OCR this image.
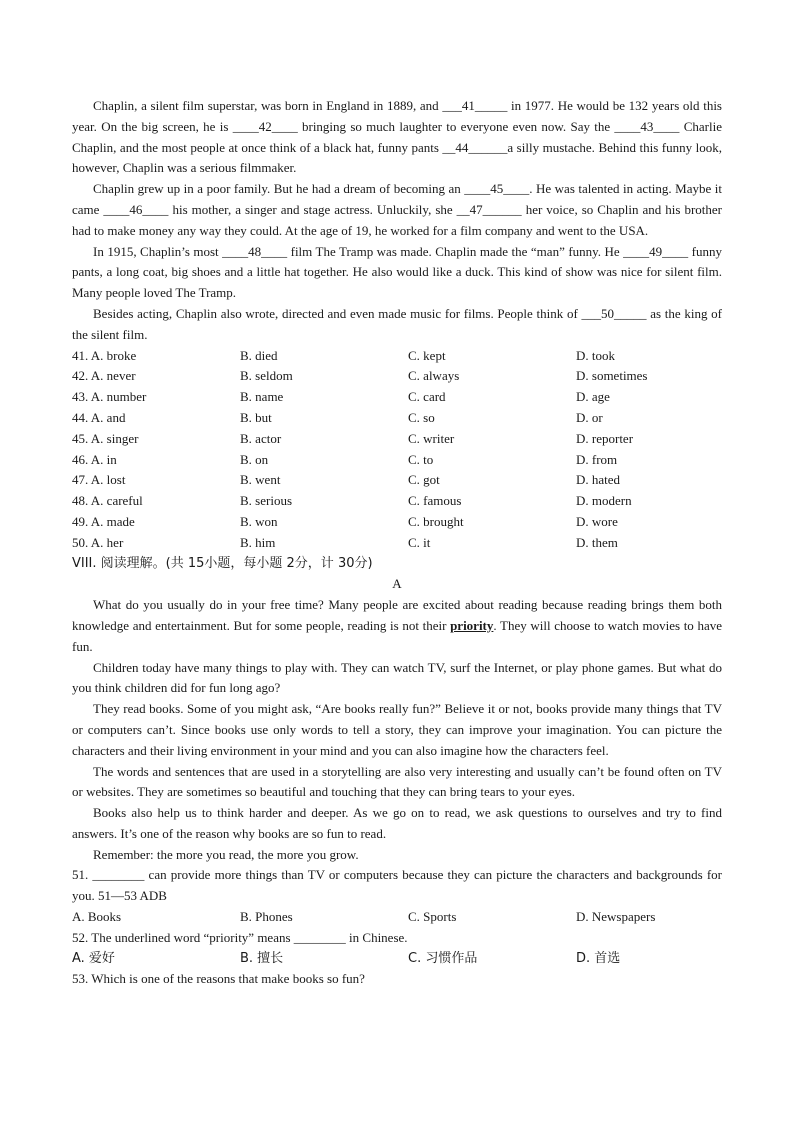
Chaplin, a silent film superstar, was born in England in 1889, and ___41_____ in 1977. He would be 132 years old this year. On the big screen, he is ____42____ bringing so much laughter to everyone even now. Say the ____43____ Charlie Chaplin, and the most people at once think of a black hat, funny pants __44______a silly mustache. Behind this funny look, however, Chaplin was a serious filmmaker.

Chaplin grew up in a poor family. But he had a dream of becoming an ____45____. He was talented in acting. Maybe it came ____46____ his mother, a singer and stage actress. Unluckily, she __47______ her voice, so Chaplin and his brother had to make money any way they could. At the age of 19, he worked for a film company and went to the USA.

In 1915, Chaplin’s most ____48____ film The Tramp was made. Chaplin made the “man” funny. He ____49____ funny pants, a long coat, big shoes and a little hat together. He also would like a duck. This kind of show was nice for silent film. Many people loved The Tramp.

Besides acting, Chaplin also wrote, directed and even made music for films. People think of ___50_____ as the king of the silent film.

41. A. broke	B. died	C. kept	D. took
42. A. never	B. seldom	C. always	D. sometimes
43. A. number	B. name	C. card	D. age
44. A. and	B. but	C. so	D. or
45. A. singer	B. actor	C. writer	D. reporter
46. A. in	B. on	C. to	D. from
47. A. lost	B. went	C. got	D. hated
48. A. careful	B. serious	C. famous	D. modern
49. A. made	B. won	C. brought	D. wore
50. A. her	B. him	C. it	D. them

VIII. 阅读理解。(共 15小题，每小题 2分，计 30分)

A

What do you usually do in your free time? Many people are excited about reading because reading brings them both knowledge and entertainment. But for some people, reading is not their priority. They will choose to watch movies to have fun.

Children today have many things to play with. They can watch TV, surf the Internet, or play phone games. But what do you think children did for fun long ago?

They read books. Some of you might ask, “Are books really fun?” Believe it or not, books provide many things that TV or computers can’t. Since books use only words to tell a story, they can improve your imagination. You can picture the characters and their living environment in your mind and you can also imagine how the characters feel.

The words and sentences that are used in a storytelling are also very interesting and usually can’t be found often on TV or websites. They are sometimes so beautiful and touching that they can bring tears to your eyes.

Books also help us to think harder and deeper. As we go on to read, we ask questions to ourselves and try to find answers. It’s one of the reason why books are so fun to read.

Remember: the more you read, the more you grow.

51. ________ can provide more things than TV or computers because they can picture the characters and backgrounds for you. 51—53 ADB

A. Books	B. Phones	C. Sports	D. Newspapers

52. The underlined word “priority” means ________ in Chinese.

A. 爱好	B. 擅长	C. 习惯作品	D. 首选

53. Which is one of the reasons that make books so fun?
